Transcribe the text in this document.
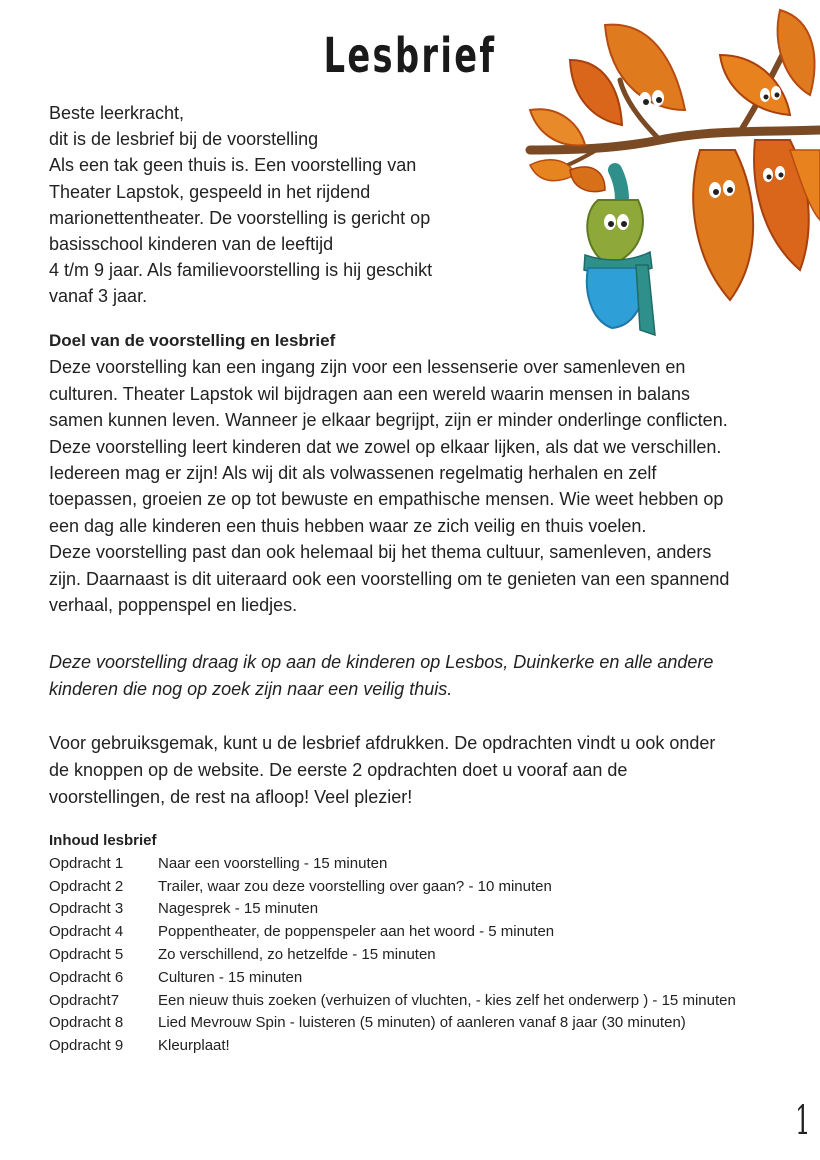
Lesbrief
Beste leerkracht,
dit is de lesbrief bij de voorstelling
Als een tak geen thuis is. Een voorstelling van
Theater Lapstok, gespeeld in het rijdend
marionettentheater. De voorstelling is gericht op
basisschool kinderen van de leeftijd
4 t/m 9 jaar. Als familievoorstelling is hij geschikt
vanaf 3 jaar.
Doel van de voorstelling en lesbrief
Deze voorstelling kan een ingang zijn voor een lessenserie over samenleven en
culturen. Theater Lapstok wil bijdragen aan een wereld waarin mensen in balans
samen kunnen leven. Wanneer je elkaar begrijpt, zijn er minder onderlinge conflicten.
Deze voorstelling leert kinderen dat we zowel op elkaar lijken, als dat we verschillen.
Iedereen mag er zijn! Als wij dit als volwassenen regelmatig herhalen en zelf
toepassen, groeien ze op tot bewuste en empathische mensen. Wie weet hebben op
een dag alle kinderen een thuis hebben waar ze zich veilig en thuis voelen.
Deze voorstelling past dan ook helemaal bij het thema cultuur, samenleven, anders
zijn. Daarnaast is dit uiteraard ook een voorstelling om te genieten van een spannend
verhaal, poppenspel en liedjes.
Deze voorstelling draag ik op aan de kinderen op Lesbos, Duinkerke en alle andere
kinderen die nog op zoek zijn naar een veilig thuis.
Voor gebruiksgemak, kunt u de lesbrief afdrukken. De opdrachten vindt u ook onder
de knoppen op de website. De eerste 2 opdrachten doet u vooraf aan de
voorstellingen, de rest na afloop! Veel plezier!
Inhoud lesbrief
Opdracht 1	Naar een voorstelling - 15 minuten
Opdracht 2	Trailer, waar zou deze voorstelling over gaan? - 10 minuten
Opdracht 3	Nagesprek - 15 minuten
Opdracht 4	Poppentheater, de poppenspeler aan het woord - 5 minuten
Opdracht 5	Zo verschillend, zo hetzelfde - 15 minuten
Opdracht 6	Culturen - 15 minuten
Opdracht7	Een nieuw thuis zoeken (verhuizen of vluchten, - kies zelf het onderwerp ) - 15 minuten
Opdracht 8	Lied Mevrouw Spin - luisteren (5 minuten) of aanleren vanaf 8 jaar (30 minuten)
Opdracht 9	Kleurplaat!
1
